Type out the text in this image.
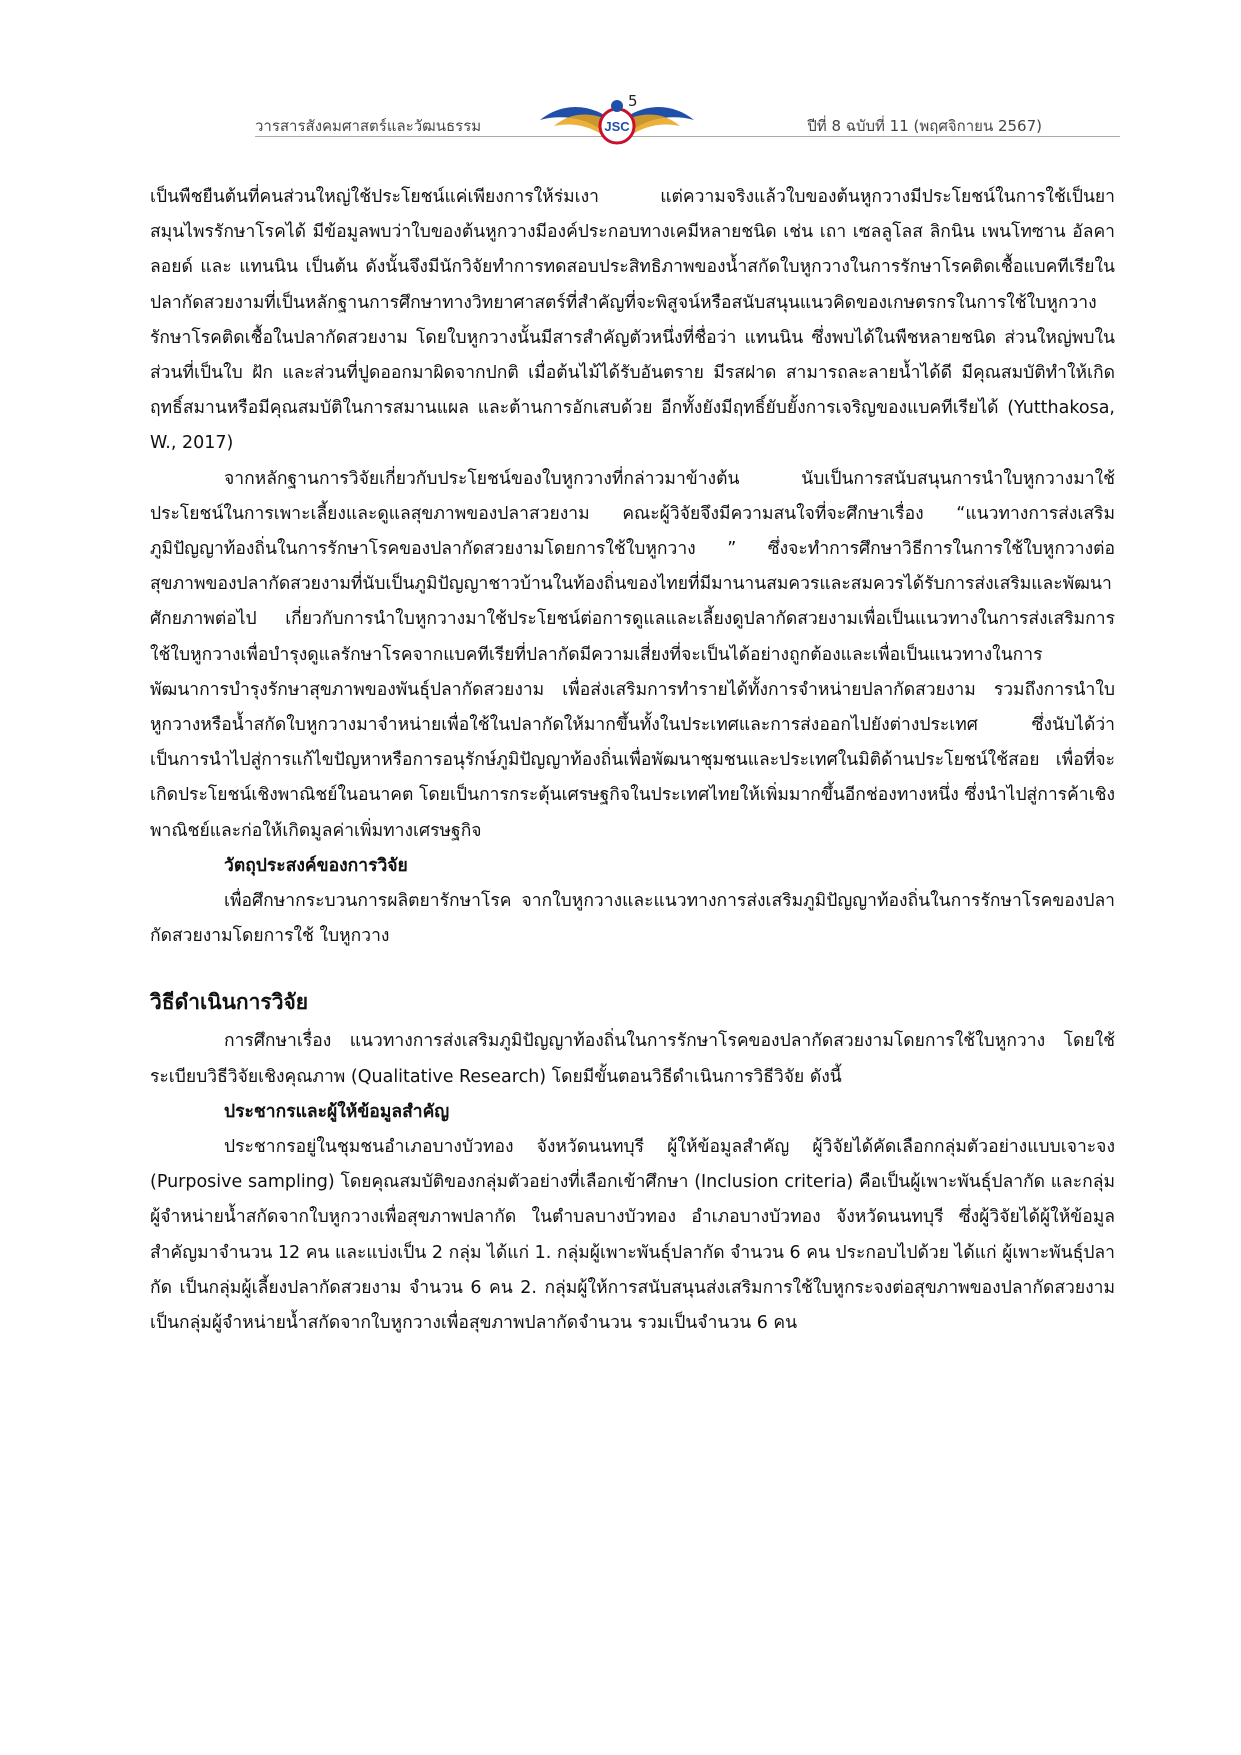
วารสารสังคมศาสตร์และวัฒนธรรม
5
ปีที่ 8 ฉบับที่ 11 (พฤศจิกายน 2567)
JSC

เป็นพืชยืนต้นที่คนส่วนใหญ่ใช้ประโยชน์แค่เพียงการให้ร่มเงา แต่ความจริงแล้วใบของต้นหูกวางมีประโยชน์ในการใช้เป็นยาสมุนไพรรักษาโรคได้ มีข้อมูลพบว่าใบของต้นหูกวางมีองค์ประกอบทางเคมีหลายชนิด เช่น เถา เซลลูโลส ลิกนิน เพนโทซาน อัลคาลอยด์ และ แทนนิน เป็นต้น ดังนั้นจึงมีนักวิจัยทำการทดสอบประสิทธิภาพของน้ำสกัดใบหูกวางในการรักษาโรคติดเชื้อแบคทีเรียในปลากัดสวยงามที่เป็นหลักฐานการศึกษาทางวิทยาศาสตร์ที่สำคัญที่จะพิสูจน์หรือสนับสนุนแนวคิดของเกษตรกรในการใช้ใบหูกวางรักษาโรคติดเชื้อในปลากัดสวยงาม โดยใบหูกวางนั้นมีสารสำคัญตัวหนึ่งที่ชื่อว่า แทนนิน ซึ่งพบได้ในพืชหลายชนิด ส่วนใหญ่พบในส่วนที่เป็นใบ ฝัก และส่วนที่ปูดออกมาผิดจากปกติ เมื่อต้นไม้ได้รับอันตราย มีรสฝาด สามารถละลายน้ำได้ดี มีคุณสมบัติทำให้เกิดฤทธิ์สมานหรือมีคุณสมบัติในการสมานแผล และต้านการอักเสบด้วย อีกทั้งยังมีฤทธิ์ยับยั้งการเจริญของแบคทีเรียได้ (Yutthakosa, W., 2017)

จากหลักฐานการวิจัยเกี่ยวกับประโยชน์ของใบหูกวางที่กล่าวมาข้างต้น นับเป็นการสนับสนุนการนำใบหูกวางมาใช้ประโยชน์ในการเพาะเลี้ยงและดูแลสุขภาพของปลาสวยงาม คณะผู้วิจัยจึงมีความสนใจที่จะศึกษาเรื่อง “แนวทางการส่งเสริมภูมิปัญญาท้องถิ่นในการรักษาโรคของปลากัดสวยงามโดยการใช้ใบหูกวาง ” ซึ่งจะทำการศึกษาวิธีการในการใช้ใบหูกวางต่อสุขภาพของปลากัดสวยงามที่นับเป็นภูมิปัญญาชาวบ้านในท้องถิ่นของไทยที่มีมานานสมควรและสมควรได้รับการส่งเสริมและพัฒนาศักยภาพต่อไป เกี่ยวกับการนำใบหูกวางมาใช้ประโยชน์ต่อการดูแลและเลี้ยงดูปลากัดสวยงามเพื่อเป็นแนวทางในการส่งเสริมการใช้ใบหูกวางเพื่อบำรุงดูแลรักษาโรคจากแบคทีเรียที่ปลากัดมีความเสี่ยงที่จะเป็นได้อย่างถูกต้องและเพื่อเป็นแนวทางในการพัฒนาการบำรุงรักษาสุขภาพของพันธุ์ปลากัดสวยงาม เพื่อส่งเสริมการทำรายได้ทั้งการจำหน่ายปลากัดสวยงาม รวมถึงการนำใบหูกวางหรือน้ำสกัดใบหูกวางมาจำหน่ายเพื่อใช้ในปลากัดให้มากขึ้นทั้งในประเทศและการส่งออกไปยังต่างประเทศ ซึ่งนับได้ว่าเป็นการนำไปสู่การแก้ไขปัญหาหรือการอนุรักษ์ภูมิปัญญาท้องถิ่นเพื่อพัฒนาชุมชนและประเทศในมิติด้านประโยชน์ใช้สอย เพื่อที่จะเกิดประโยชน์เชิงพาณิชย์ในอนาคต โดยเป็นการกระตุ้นเศรษฐกิจในประเทศไทยให้เพิ่มมากขึ้นอีกช่องทางหนึ่ง ซึ่งนำไปสู่การค้าเชิงพาณิชย์และก่อให้เกิดมูลค่าเพิ่มทางเศรษฐกิจ

วัตถุประสงค์ของการวิจัย

เพื่อศึกษากระบวนการผลิตยารักษาโรค จากใบหูกวางและแนวทางการส่งเสริมภูมิปัญญาท้องถิ่นในการรักษาโรคของปลากัดสวยงามโดยการใช้ ใบหูกวาง

วิธีดำเนินการวิจัย

การศึกษาเรื่อง แนวทางการส่งเสริมภูมิปัญญาท้องถิ่นในการรักษาโรคของปลากัดสวยงามโดยการใช้ใบหูกวาง โดยใช้ระเบียบวิธีวิจัยเชิงคุณภาพ (Qualitative Research) โดยมีขั้นตอนวิธีดำเนินการวิธีวิจัย ดังนี้

ประชากรและผู้ให้ข้อมูลสำคัญ

ประชากรอยู่ในชุมชนอำเภอบางบัวทอง จังหวัดนนทบุรี ผู้ให้ข้อมูลสำคัญ ผู้วิจัยได้คัดเลือกกลุ่มตัวอย่างแบบเจาะจง (Purposive sampling) โดยคุณสมบัติของกลุ่มตัวอย่างที่เลือกเข้าศึกษา (Inclusion criteria) คือเป็นผู้เพาะพันธุ์ปลากัด และกลุ่มผู้จำหน่ายน้ำสกัดจากใบหูกวางเพื่อสุขภาพปลากัด ในตำบลบางบัวทอง อำเภอบางบัวทอง จังหวัดนนทบุรี ซึ่งผู้วิจัยได้ผู้ให้ข้อมูลสำคัญมาจำนวน 12 คน และแบ่งเป็น 2 กลุ่ม ได้แก่ 1. กลุ่มผู้เพาะพันธุ์ปลากัด จำนวน 6 คน ประกอบไปด้วย ได้แก่ ผู้เพาะพันธุ์ปลากัด เป็นกลุ่มผู้เลี้ยงปลากัดสวยงาม จำนวน 6 คน 2. กลุ่มผู้ให้การสนับสนุนส่งเสริมการใช้ใบหูกระจงต่อสุขภาพของปลากัดสวยงาม เป็นกลุ่มผู้จำหน่ายน้ำสกัดจากใบหูกวางเพื่อสุขภาพปลากัดจำนวน รวมเป็นจำนวน 6 คน
